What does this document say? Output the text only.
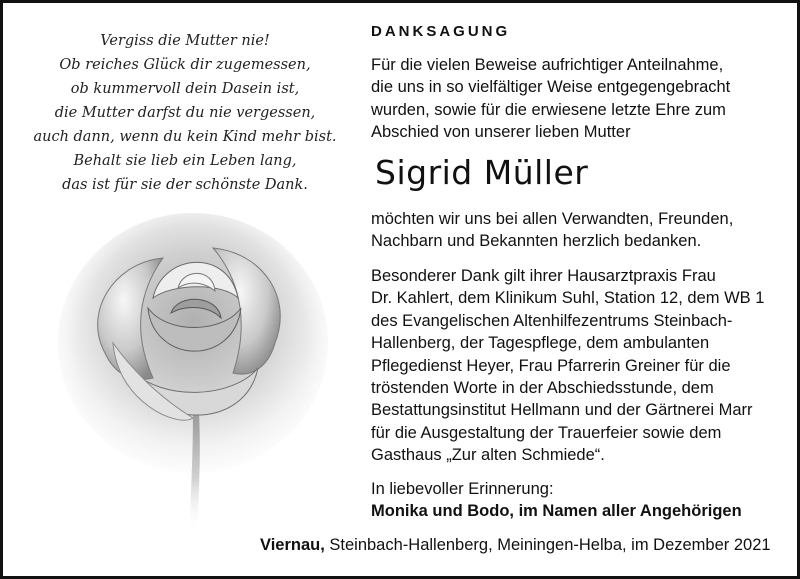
Vergiss die Mutter nie!
Ob reiches Glück dir zugemessen,
ob kummervoll dein Dasein ist,
die Mutter darfst du nie vergessen,
auch dann, wenn du kein Kind mehr bist.
Behalt sie lieb ein Leben lang,
das ist für sie der schönste Dank.
DANKSAGUNG
Für die vielen Beweise aufrichtiger Anteilnahme,
die uns in so vielfältiger Weise entgegengebracht
wurden, sowie für die erwiesene letzte Ehre zum
Abschied von unserer lieben Mutter
Sigrid Müller
möchten wir uns bei allen Verwandten, Freunden,
Nachbarn und Bekannten herzlich bedanken.
Besonderer Dank gilt ihrer Hausarztpraxis Frau
Dr. Kahlert, dem Klinikum Suhl, Station 12, dem WB 1
des Evangelischen Altenhilfezentrums Steinbach-
Hallenberg, der Tagespflege, dem ambulanten
Pflegedienst Heyer, Frau Pfarrerin Greiner für die
tröstenden Worte in der Abschiedsstunde, dem
Bestattungsinstitut Hellmann und der Gärtnerei Marr
für die Ausgestaltung der Trauerfeier sowie dem
Gasthaus „Zur alten Schmiede“.
In liebevoller Erinnerung:
Monika und Bodo, im Namen aller Angehörigen
Viernau, Steinbach-Hallenberg, Meiningen-Helba, im Dezember 2021
